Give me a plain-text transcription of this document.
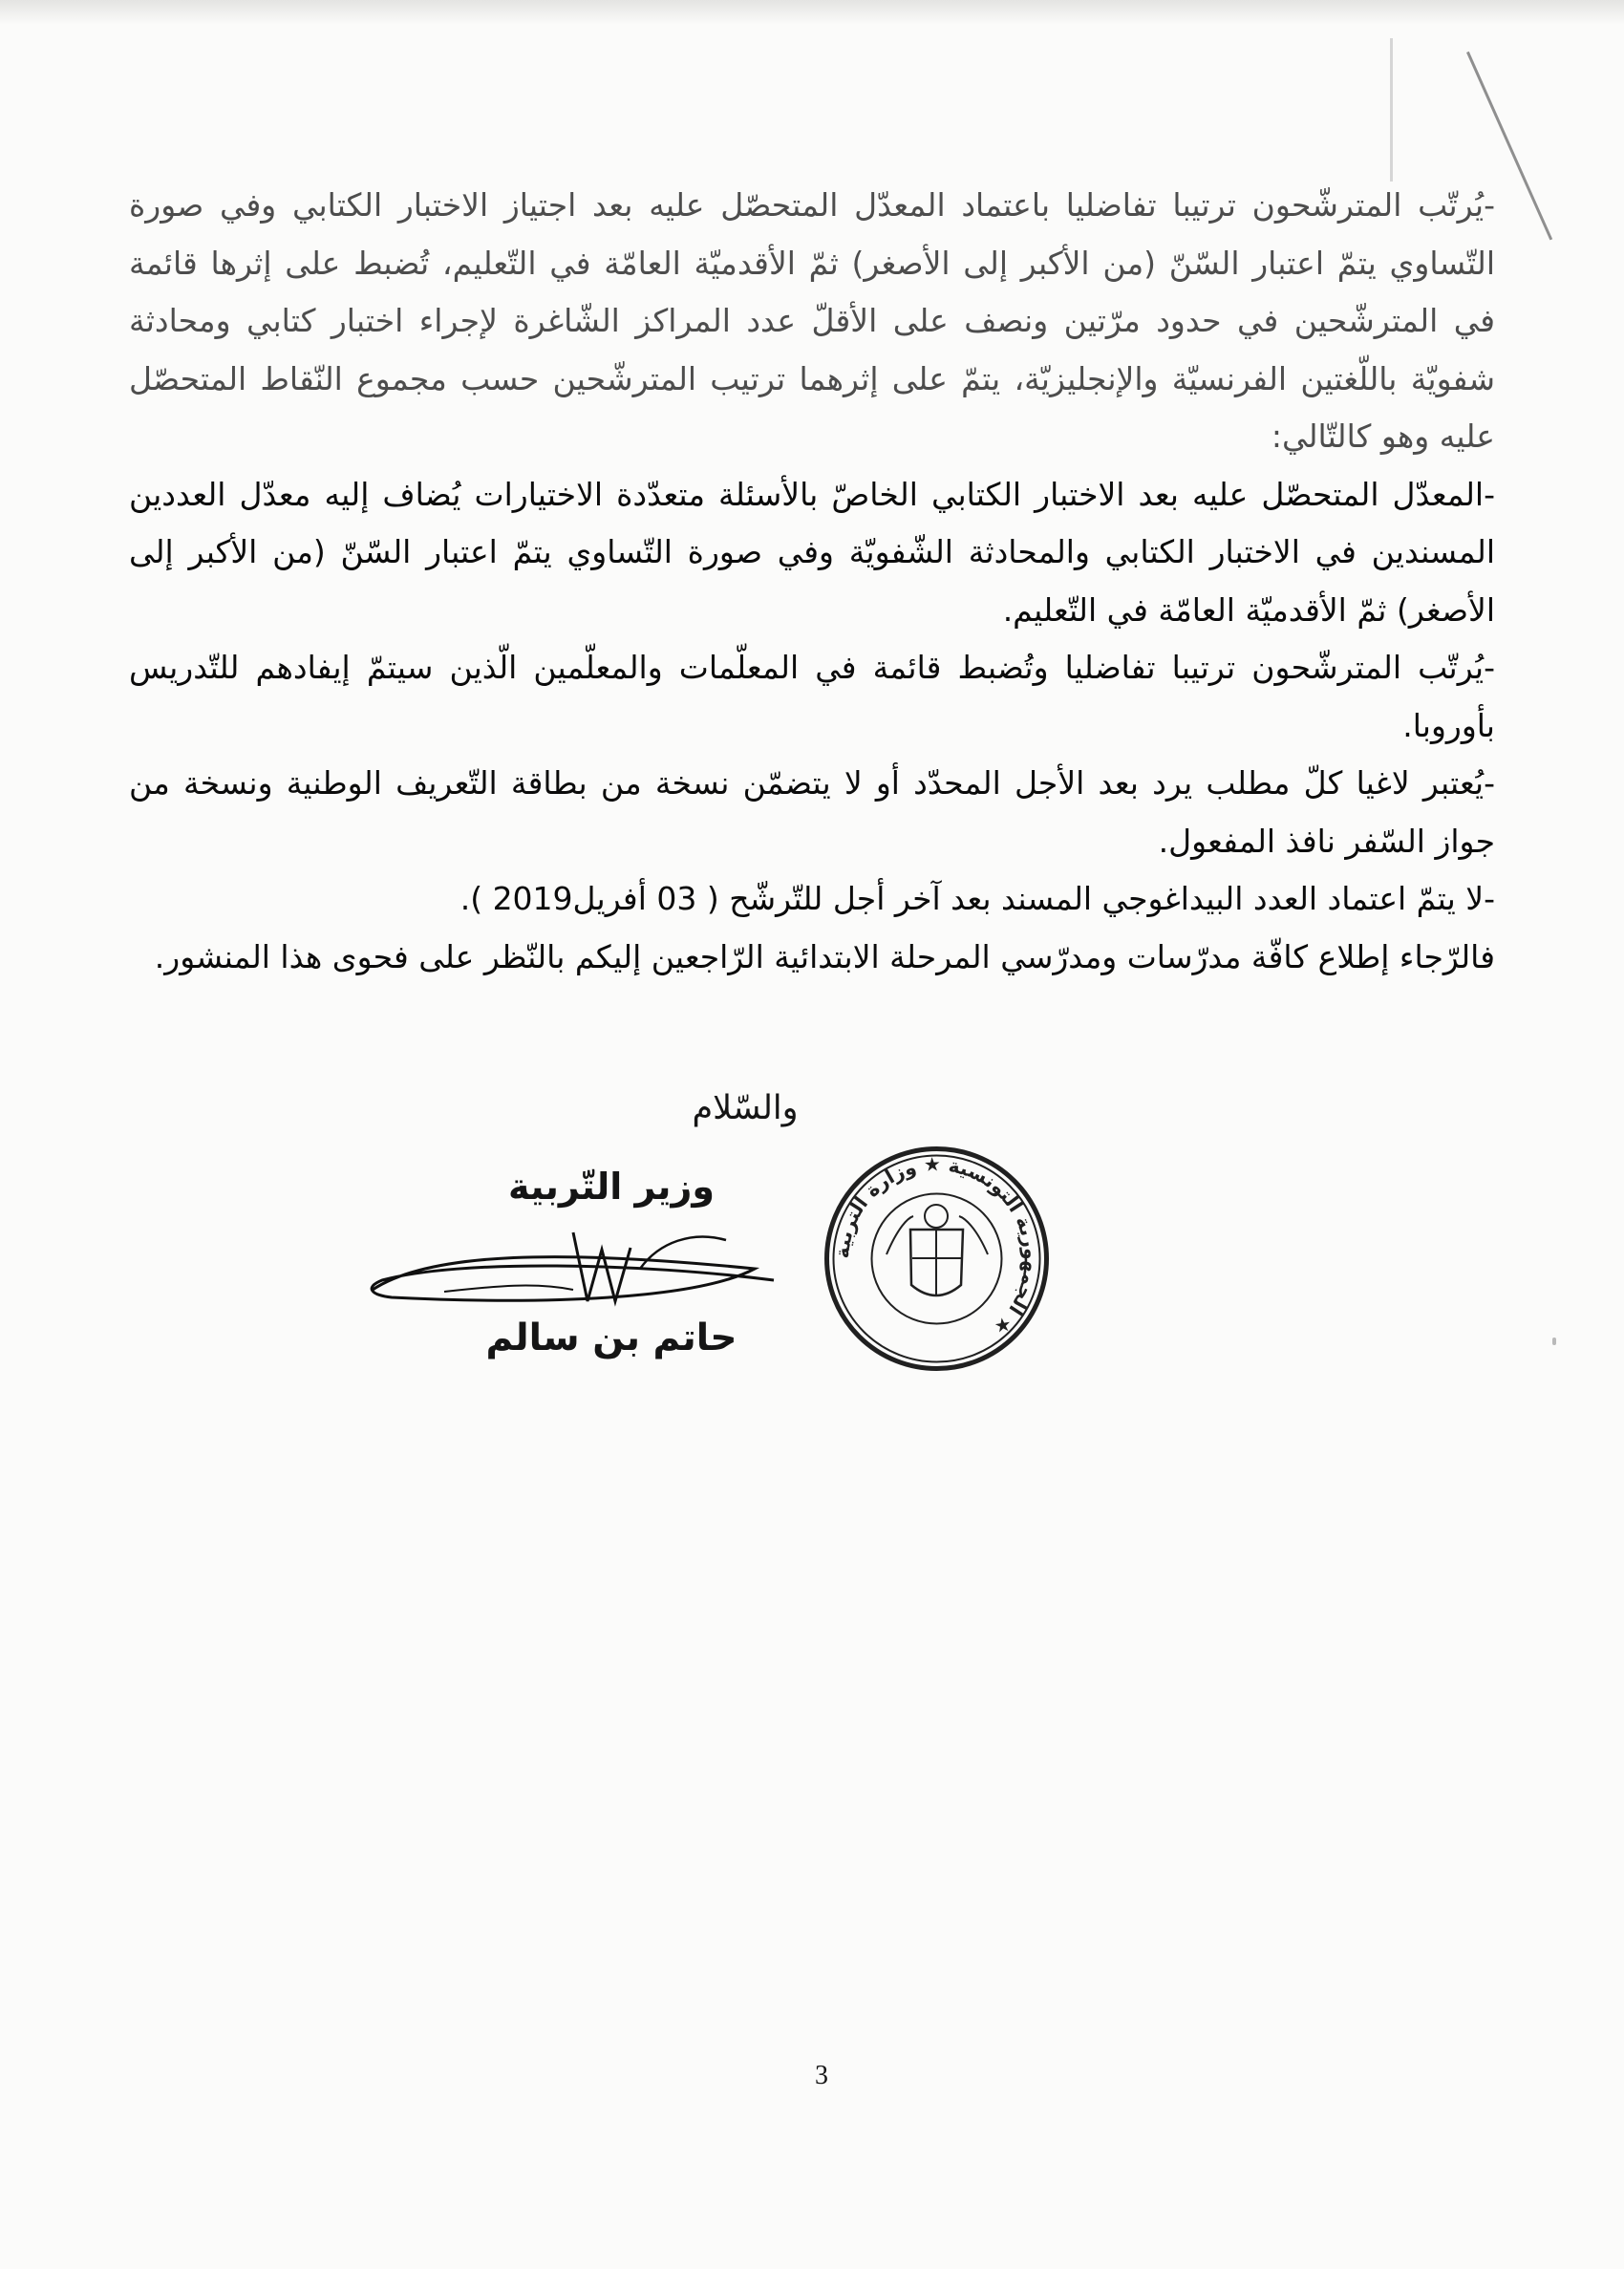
-يُرتّب المترشّحون ترتيبا تفاضليا باعتماد المعدّل المتحصّل عليه بعد اجتياز الاختبار الكتابي وفي صورة التّساوي يتمّ اعتبار السّنّ (من الأكبر إلى الأصغر) ثمّ الأقدميّة العامّة في التّعليم، تُضبط على إثرها قائمة في المترشّحين في حدود مرّتين ونصف على الأقلّ عدد المراكز الشّاغرة لإجراء اختبار كتابي ومحادثة شفويّة باللّغتين الفرنسيّة والإنجليزيّة، يتمّ على إثرهما ترتيب المترشّحين حسب مجموع النّقاط المتحصّل عليه وهو كالتّالي:

-المعدّل المتحصّل عليه بعد الاختبار الكتابي الخاصّ بالأسئلة متعدّدة الاختيارات يُضاف إليه معدّل العددين المسندين في الاختبار الكتابي والمحادثة الشّفويّة وفي صورة التّساوي يتمّ اعتبار السّنّ (من الأكبر إلى الأصغر) ثمّ الأقدميّة العامّة في التّعليم.

-يُرتّب المترشّحون ترتيبا تفاضليا وتُضبط قائمة في المعلّمات والمعلّمين الّذين سيتمّ إيفادهم للتّدريس بأوروبا.

-يُعتبر لاغيا كلّ مطلب يرد بعد الأجل المحدّد أو لا يتضمّن نسخة من بطاقة التّعريف الوطنية ونسخة من جواز السّفر نافذ المفعول.

-لا يتمّ اعتماد العدد البيداغوجي المسند بعد آخر أجل للتّرشّح ( 03 أفريل2019 ).

فالرّجاء إطلاع كافّة مدرّسات ومدرّسي المرحلة الابتدائية الرّاجعين إليكم بالنّظر على فحوى هذا المنشور.

والسّلام
وزير التّربية
حاتم بن سالم
الجمهورية التونسية ★ وزارة التربية ★
3
